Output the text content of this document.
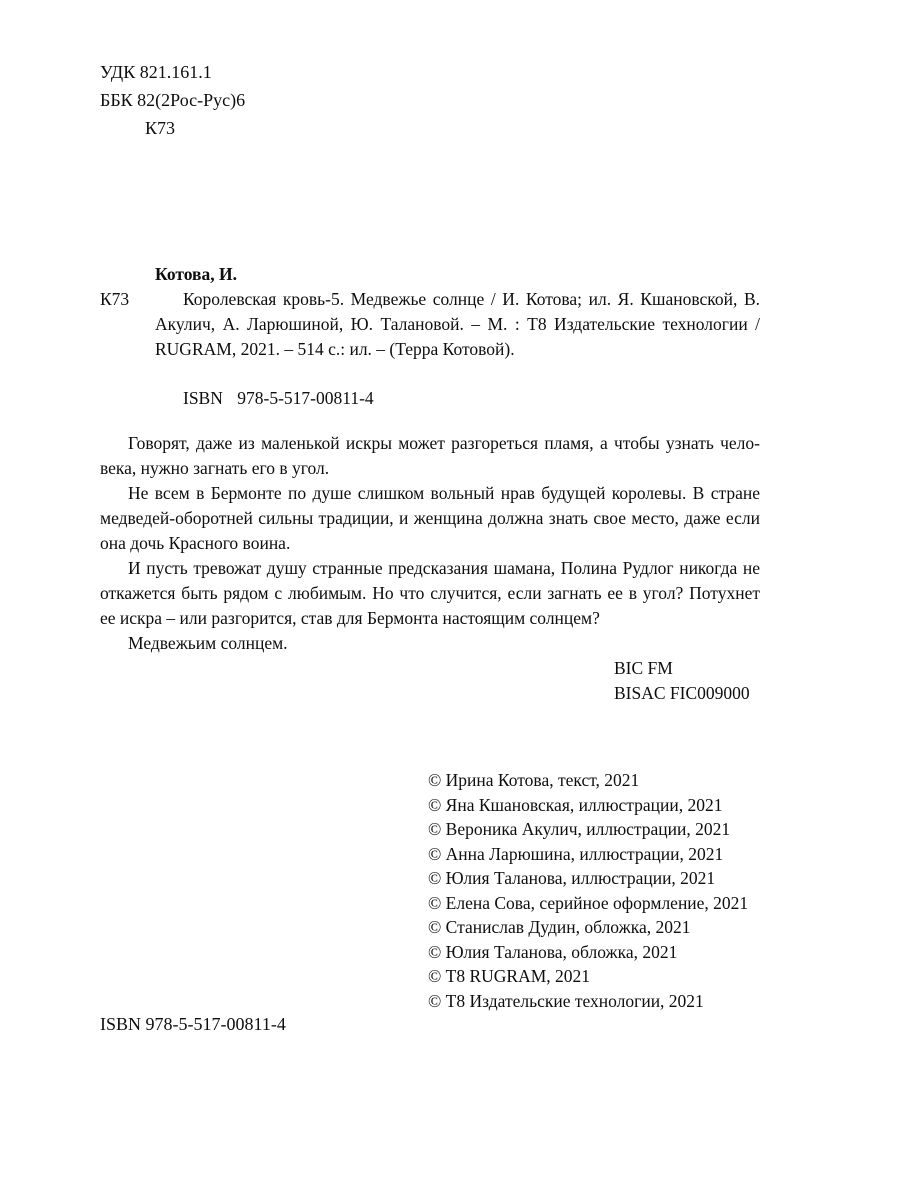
УДК 821.161.1
ББК 82(2Рос-Рус)6
К73
Котова, И.
К73	Королевская кровь-5. Медвежье солнце / И. Котова; ил. Я. Кшановской, В. Акулич, А. Ларюшиной, Ю. Талановой. – М. : Т8 Издательские технологии / RUGRAM, 2021. – 514 с.: ил. – (Терра Котовой).

ISBN 978-5-517-00811-4

Говорят, даже из маленькой искры может разгореться пламя, а чтобы узнать чело-века, нужно загнать его в угол.

Не всем в Бермонте по душе слишком вольный нрав будущей королевы. В стране медведей-оборотней сильны традиции, и женщина должна знать свое место, даже если она дочь Красного воина.

И пусть тревожат душу странные предсказания шамана, Полина Рудлог никогда не откажется быть рядом с любимым. Но что случится, если загнать ее в угол? Потухнет ее искра – или разгорится, став для Бермонта настоящим солнцем?

Медвежьим солнцем.

BIC FM
BISAC FIC009000
© Ирина Котова, текст, 2021
© Яна Кшановская, иллюстрации, 2021
© Вероника Акулич, иллюстрации, 2021
© Анна Ларюшина, иллюстрации, 2021
© Юлия Таланова, иллюстрации, 2021
© Елена Сова, серийное оформление, 2021
© Станислав Дудин, обложка, 2021
© Юлия Таланова, обложка, 2021
© Т8 RUGRAM, 2021
© Т8 Издательские технологии, 2021
ISBN 978-5-517-00811-4
